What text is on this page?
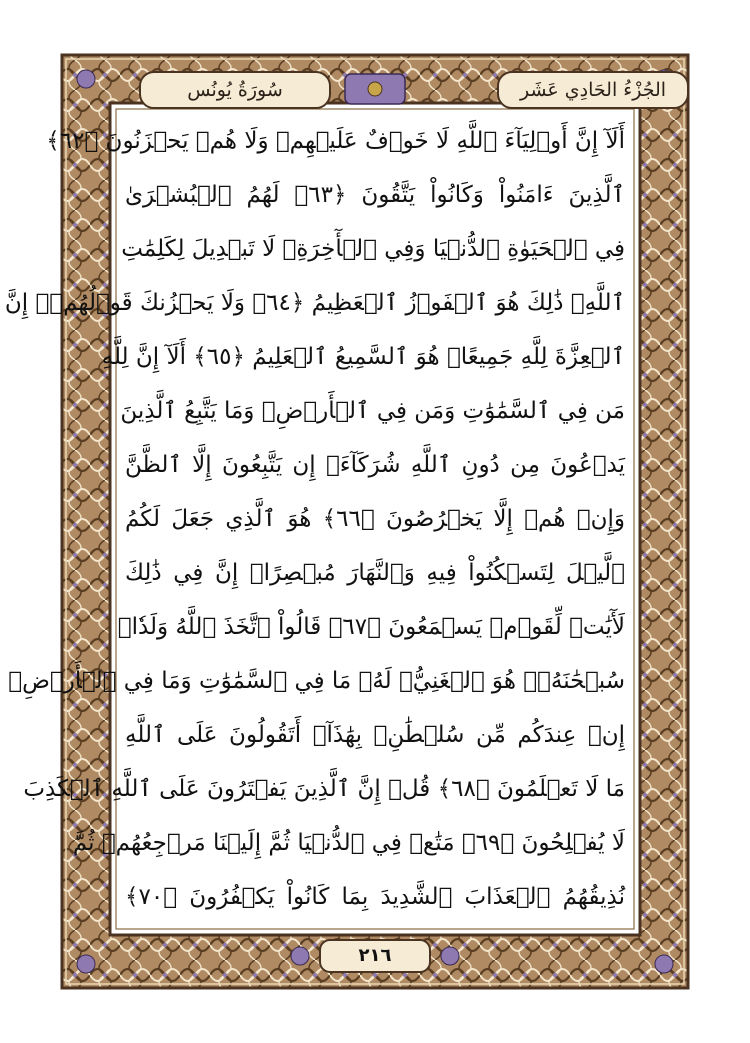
الجُزْءُ الحَادِي عَشَر
سُورَةُ يُونُس
أَلَآ إِنَّ أَوۡلِيَآءَ ٱللَّهِ لَا خَوۡفٌ عَلَيۡهِمۡ وَلَا هُمۡ يَحۡزَنُونَ ﴿٦٢﴾
ٱلَّذِينَ ءَامَنُواْ وَكَانُواْ يَتَّقُونَ ﴿٦٣﴾ لَهُمُ ٱلۡبُشۡرَىٰ
فِي ٱلۡحَيَوٰةِ ٱلدُّنۡيَا وَفِي ٱلۡأٓخِرَةِۚ لَا تَبۡدِيلَ لِكَلِمَٰتِ
ٱللَّهِۚ ذَٰلِكَ هُوَ ٱلۡفَوۡزُ ٱلۡعَظِيمُ ﴿٦٤﴾ وَلَا يَحۡزُنكَ قَوۡلُهُمۡۘ إِنَّ
ٱلۡعِزَّةَ لِلَّهِ جَمِيعًاۚ هُوَ ٱلسَّمِيعُ ٱلۡعَلِيمُ ﴿٦٥﴾ أَلَآ إِنَّ لِلَّهِ
مَن فِي ٱلسَّمَٰوَٰتِ وَمَن فِي ٱلۡأَرۡضِۗ وَمَا يَتَّبِعُ ٱلَّذِينَ
يَدۡعُونَ مِن دُونِ ٱللَّهِ شُرَكَآءَۚ إِن يَتَّبِعُونَ إِلَّا ٱلظَّنَّ
وَإِنۡ هُمۡ إِلَّا يَخۡرُصُونَ ﴿٦٦﴾ هُوَ ٱلَّذِي جَعَلَ لَكُمُ
ٱلَّيۡلَ لِتَسۡكُنُواْ فِيهِ وَٱلنَّهَارَ مُبۡصِرًاۚ إِنَّ فِي ذَٰلِكَ
لَأٓيَٰتٖ لِّقَوۡمٖ يَسۡمَعُونَ ﴿٦٧﴾ قَالُواْ ٱتَّخَذَ ٱللَّهُ وَلَدٗاۗ
سُبۡحَٰنَهُۥۖ هُوَ ٱلۡغَنِيُّۖ لَهُۥ مَا فِي ٱلسَّمَٰوَٰتِ وَمَا فِي ٱلۡأَرۡضِۚ
إِنۡ عِندَكُم مِّن سُلۡطَٰنِۭ بِهَٰذَآۚ أَتَقُولُونَ عَلَى ٱللَّهِ
مَا لَا تَعۡلَمُونَ ﴿٦٨﴾ قُلۡ إِنَّ ٱلَّذِينَ يَفۡتَرُونَ عَلَى ٱللَّهِ ٱلۡكَذِبَ
لَا يُفۡلِحُونَ ﴿٦٩﴾ مَتَٰعٞ فِي ٱلدُّنۡيَا ثُمَّ إِلَيۡنَا مَرۡجِعُهُمۡ ثُمَّ
نُذِيقُهُمُ ٱلۡعَذَابَ ٱلشَّدِيدَ بِمَا كَانُواْ يَكۡفُرُونَ ﴿٧٠﴾
٢١٦
